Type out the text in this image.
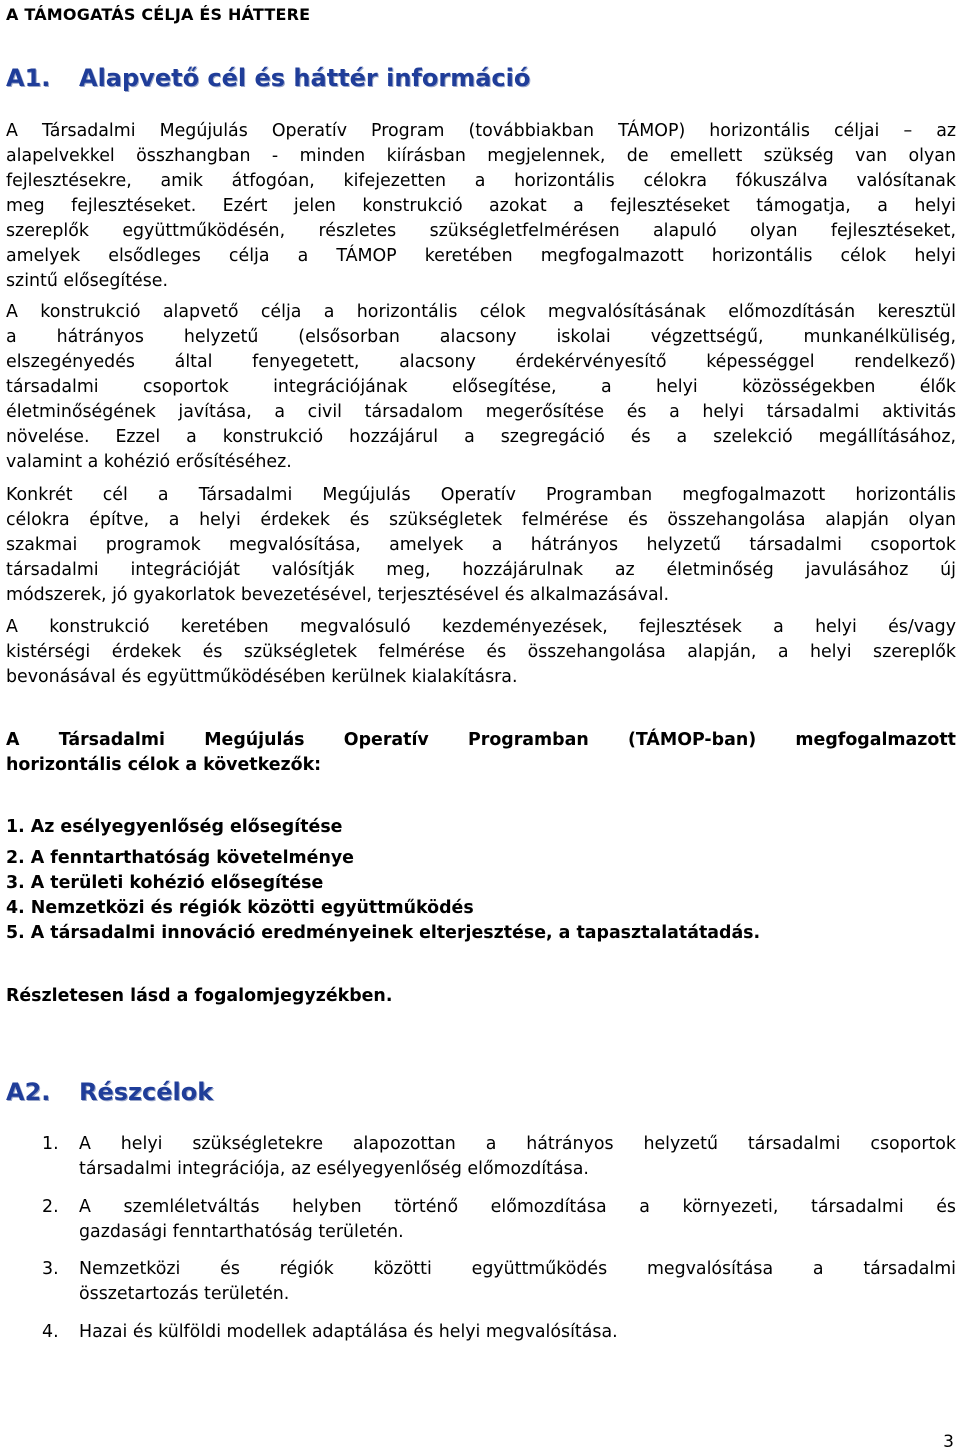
A TÁMOGATÁS CÉLJA ÉS HÁTTERE
A1. Alapvető cél és háttér információ
A Társadalmi Megújulás Operatív Program (továbbiakban TÁMOP) horizontális céljai – az
alapelvekkel összhangban - minden kiírásban megjelennek, de emellett szükség van olyan
fejlesztésekre, amik átfogóan, kifejezetten a horizontális célokra fókuszálva valósítanak
meg fejlesztéseket. Ezért jelen konstrukció azokat a fejlesztéseket támogatja, a helyi
szereplők együttműködésén, részletes szükségletfelmérésen alapuló olyan fejlesztéseket,
amelyek elsődleges célja a TÁMOP keretében megfogalmazott horizontális célok helyi
szintű elősegítése.
A konstrukció alapvető célja a horizontális célok megvalósításának előmozdításán keresztül
a hátrányos helyzetű (elsősorban alacsony iskolai végzettségű, munkanélküliség,
elszegényedés által fenyegetett, alacsony érdekérvényesítő képességgel rendelkező)
társadalmi csoportok integrációjának elősegítése, a helyi közösségekben élők
életminőségének javítása, a civil társadalom megerősítése és a helyi társadalmi aktivitás
növelése. Ezzel a konstrukció hozzájárul a szegregáció és a szelekció megállításához,
valamint a kohézió erősítéséhez.
Konkrét cél a Társadalmi Megújulás Operatív Programban megfogalmazott horizontális
célokra építve, a helyi érdekek és szükségletek felmérése és összehangolása alapján olyan
szakmai programok megvalósítása, amelyek a hátrányos helyzetű társadalmi csoportok
társadalmi integrációját valósítják meg, hozzájárulnak az életminőség javulásához új
módszerek, jó gyakorlatok bevezetésével, terjesztésével és alkalmazásával.
A konstrukció keretében megvalósuló kezdeményezések, fejlesztések a helyi és/vagy
kistérségi érdekek és szükségletek felmérése és összehangolása alapján, a helyi szereplők
bevonásával és együttműködésében kerülnek kialakításra.
A Társadalmi Megújulás Operatív Programban (TÁMOP-ban) megfogalmazott
horizontális célok a következők:
1. Az esélyegyenlőség elősegítése
2. A fenntarthatóság követelménye
3. A területi kohézió elősegítése
4. Nemzetközi és régiók közötti együttműködés
5. A társadalmi innováció eredményeinek elterjesztése, a tapasztalatátadás.
Részletesen lásd a fogalomjegyzékben.
A2. Részcélok
1. A helyi szükségletekre alapozottan a hátrányos helyzetű társadalmi csoportok
társadalmi integrációja, az esélyegyenlőség előmozdítása.
2. A szemléletváltás helyben történő előmozdítása a környezeti, társadalmi és
gazdasági fenntarthatóság területén.
3. Nemzetközi és régiók közötti együttműködés megvalósítása a társadalmi
összetartozás területén.
4. Hazai és külföldi modellek adaptálása és helyi megvalósítása.
3
